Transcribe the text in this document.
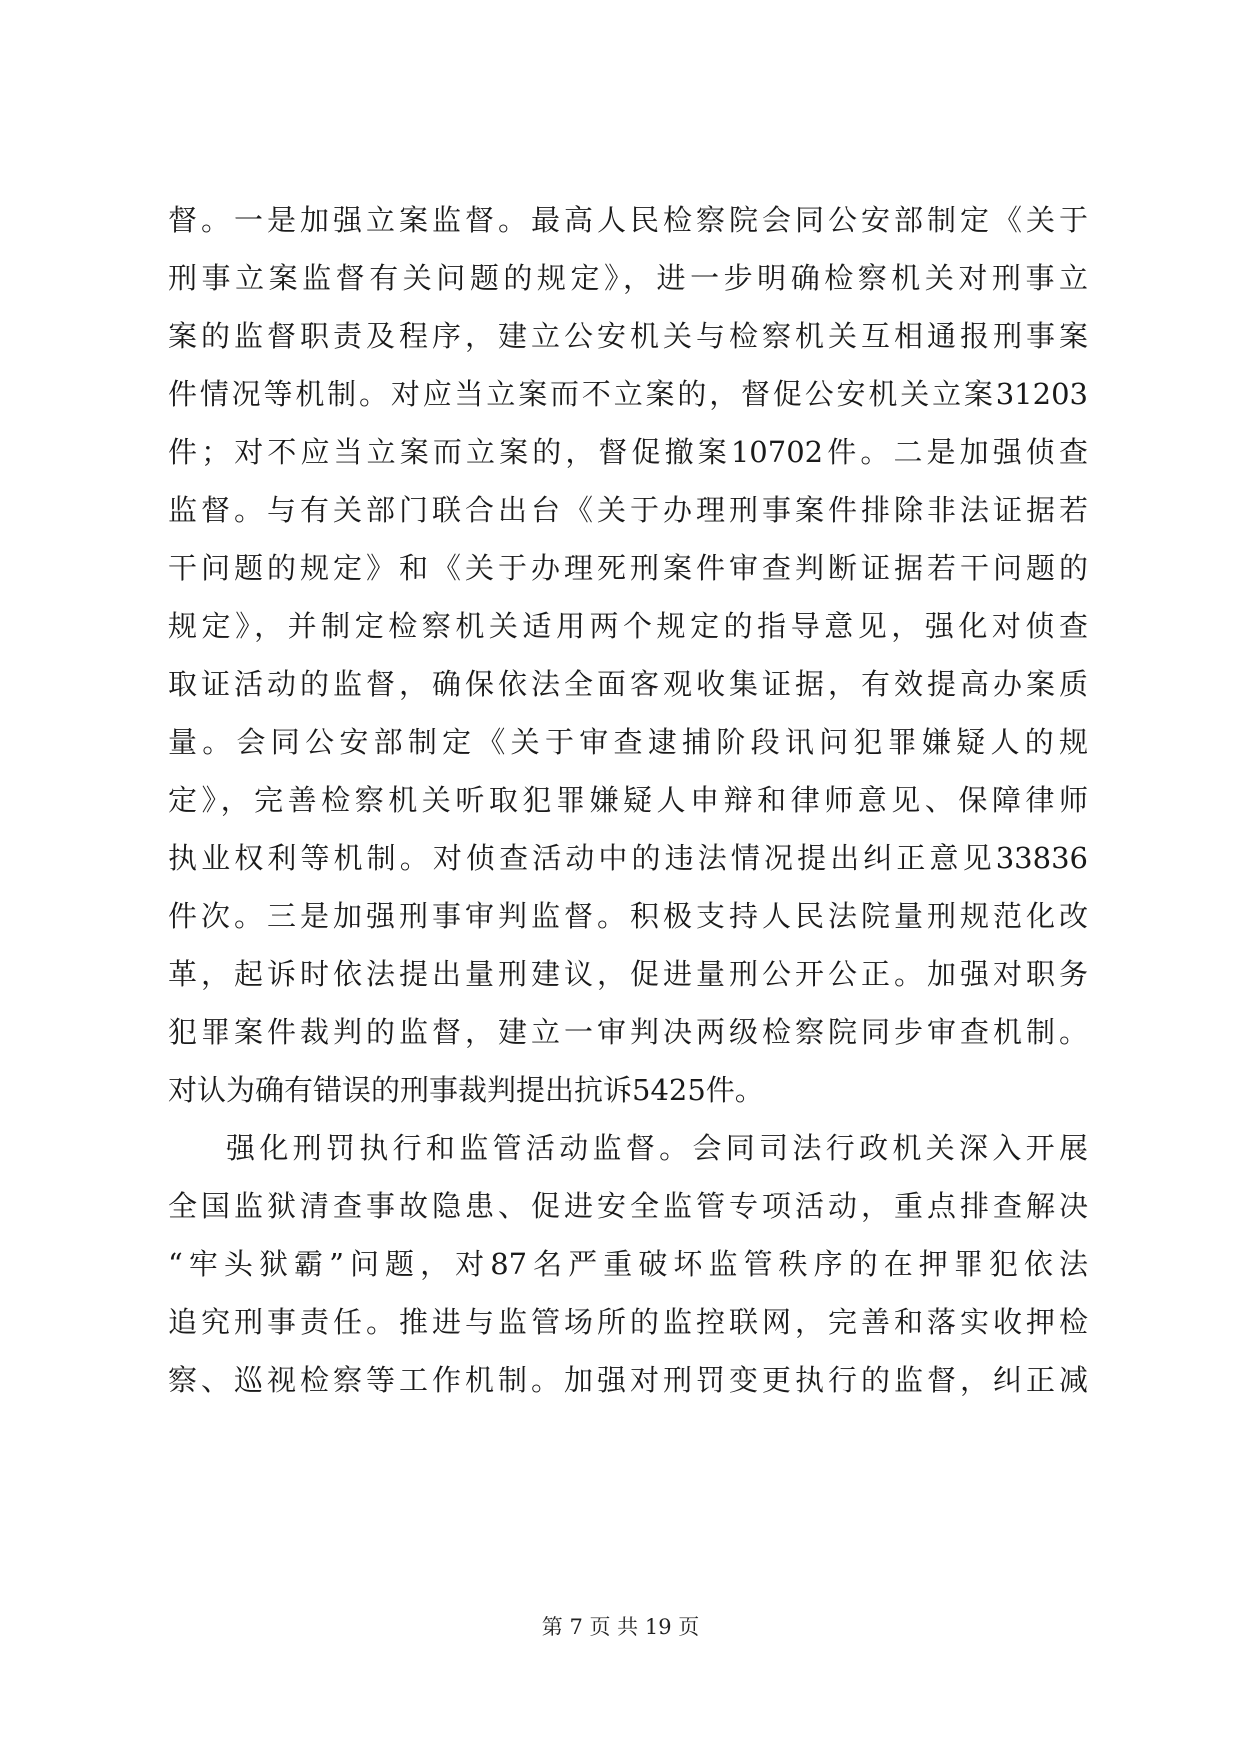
督。一是加强立案监督。最高人民检察院会同公安部制定《关于
刑事立案监督有关问题的规定》，进一步明确检察机关对刑事立
案的监督职责及程序，建立公安机关与检察机关互相通报刑事案
件情况等机制。对应当立案而不立案的，督促公安机关立案31203
件；对不应当立案而立案的，督促撤案10702件。二是加强侦查
监督。与有关部门联合出台《关于办理刑事案件排除非法证据若
干问题的规定》和《关于办理死刑案件审查判断证据若干问题的
规定》，并制定检察机关适用两个规定的指导意见，强化对侦查
取证活动的监督，确保依法全面客观收集证据，有效提高办案质
量。会同公安部制定《关于审查逮捕阶段讯问犯罪嫌疑人的规
定》，完善检察机关听取犯罪嫌疑人申辩和律师意见、保障律师
执业权利等机制。对侦查活动中的违法情况提出纠正意见33836
件次。三是加强刑事审判监督。积极支持人民法院量刑规范化改
革，起诉时依法提出量刑建议，促进量刑公开公正。加强对职务
犯罪案件裁判的监督，建立一审判决两级检察院同步审查机制。
对认为确有错误的刑事裁判提出抗诉5425件。
强化刑罚执行和监管活动监督。会同司法行政机关深入开展
全国监狱清查事故隐患、促进安全监管专项活动，重点排查解决
“牢头狱霸”问题，对87名严重破坏监管秩序的在押罪犯依法
追究刑事责任。推进与监管场所的监控联网，完善和落实收押检
察、巡视检察等工作机制。加强对刑罚变更执行的监督，纠正减
第 7 页 共 19 页
